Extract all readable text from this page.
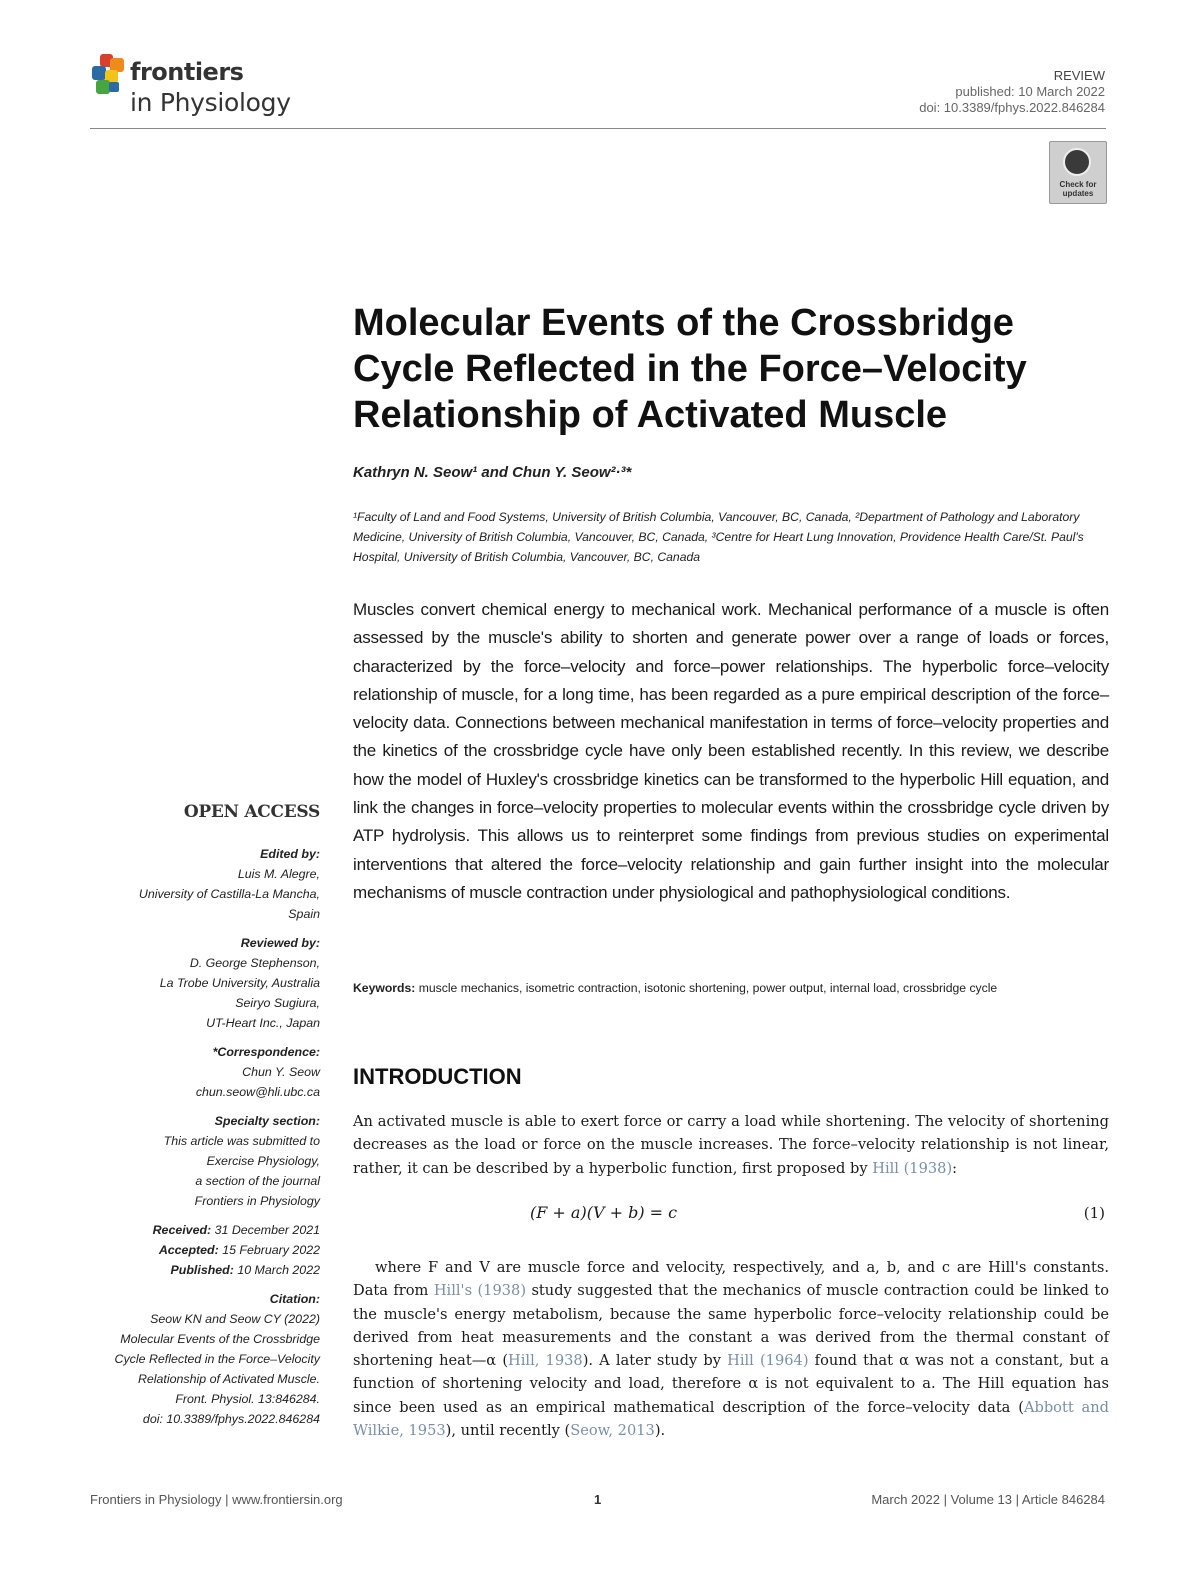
frontiers
in Physiology
REVIEW
published: 10 March 2022
doi: 10.3389/fphys.2022.846284
Check for updates
Molecular Events of the Crossbridge Cycle Reflected in the Force–Velocity Relationship of Activated Muscle
Kathryn N. Seow¹ and Chun Y. Seow²·³*
¹Faculty of Land and Food Systems, University of British Columbia, Vancouver, BC, Canada, ²Department of Pathology and Laboratory Medicine, University of British Columbia, Vancouver, BC, Canada, ³Centre for Heart Lung Innovation, Providence Health Care/St. Paul's Hospital, University of British Columbia, Vancouver, BC, Canada
Muscles convert chemical energy to mechanical work. Mechanical performance of a muscle is often assessed by the muscle's ability to shorten and generate power over a range of loads or forces, characterized by the force–velocity and force–power relationships. The hyperbolic force–velocity relationship of muscle, for a long time, has been regarded as a pure empirical description of the force–velocity data. Connections between mechanical manifestation in terms of force–velocity properties and the kinetics of the crossbridge cycle have only been established recently. In this review, we describe how the model of Huxley's crossbridge kinetics can be transformed to the hyperbolic Hill equation, and link the changes in force–velocity properties to molecular events within the crossbridge cycle driven by ATP hydrolysis. This allows us to reinterpret some findings from previous studies on experimental interventions that altered the force–velocity relationship and gain further insight into the molecular mechanisms of muscle contraction under physiological and pathophysiological conditions.
Keywords: muscle mechanics, isometric contraction, isotonic shortening, power output, internal load, crossbridge cycle
INTRODUCTION
An activated muscle is able to exert force or carry a load while shortening. The velocity of shortening decreases as the load or force on the muscle increases. The force–velocity relationship is not linear, rather, it can be described by a hyperbolic function, first proposed by Hill (1938):
(F + a)(V + b) = c	(1)
where F and V are muscle force and velocity, respectively, and a, b, and c are Hill's constants. Data from Hill's (1938) study suggested that the mechanics of muscle contraction could be linked to the muscle's energy metabolism, because the same hyperbolic force–velocity relationship could be derived from heat measurements and the constant a was derived from the thermal constant of shortening heat—α (Hill, 1938). A later study by Hill (1964) found that α was not a constant, but a function of shortening velocity and load, therefore α is not equivalent to a. The Hill equation has since been used as an empirical mathematical description of the force–velocity data (Abbott and Wilkie, 1953), until recently (Seow, 2013).
OPEN ACCESS
Edited by:
Luis M. Alegre,
University of Castilla-La Mancha,
Spain
Reviewed by:
D. George Stephenson,
La Trobe University, Australia
Seiryo Sugiura,
UT-Heart Inc., Japan
*Correspondence:
Chun Y. Seow
chun.seow@hli.ubc.ca
Specialty section:
This article was submitted to
Exercise Physiology,
a section of the journal
Frontiers in Physiology
Received: 31 December 2021
Accepted: 15 February 2022
Published: 10 March 2022
Citation:
Seow KN and Seow CY (2022)
Molecular Events of the Crossbridge
Cycle Reflected in the Force–Velocity
Relationship of Activated Muscle.
Front. Physiol. 13:846284.
doi: 10.3389/fphys.2022.846284
Frontiers in Physiology | www.frontiersin.org	1	March 2022 | Volume 13 | Article 846284
